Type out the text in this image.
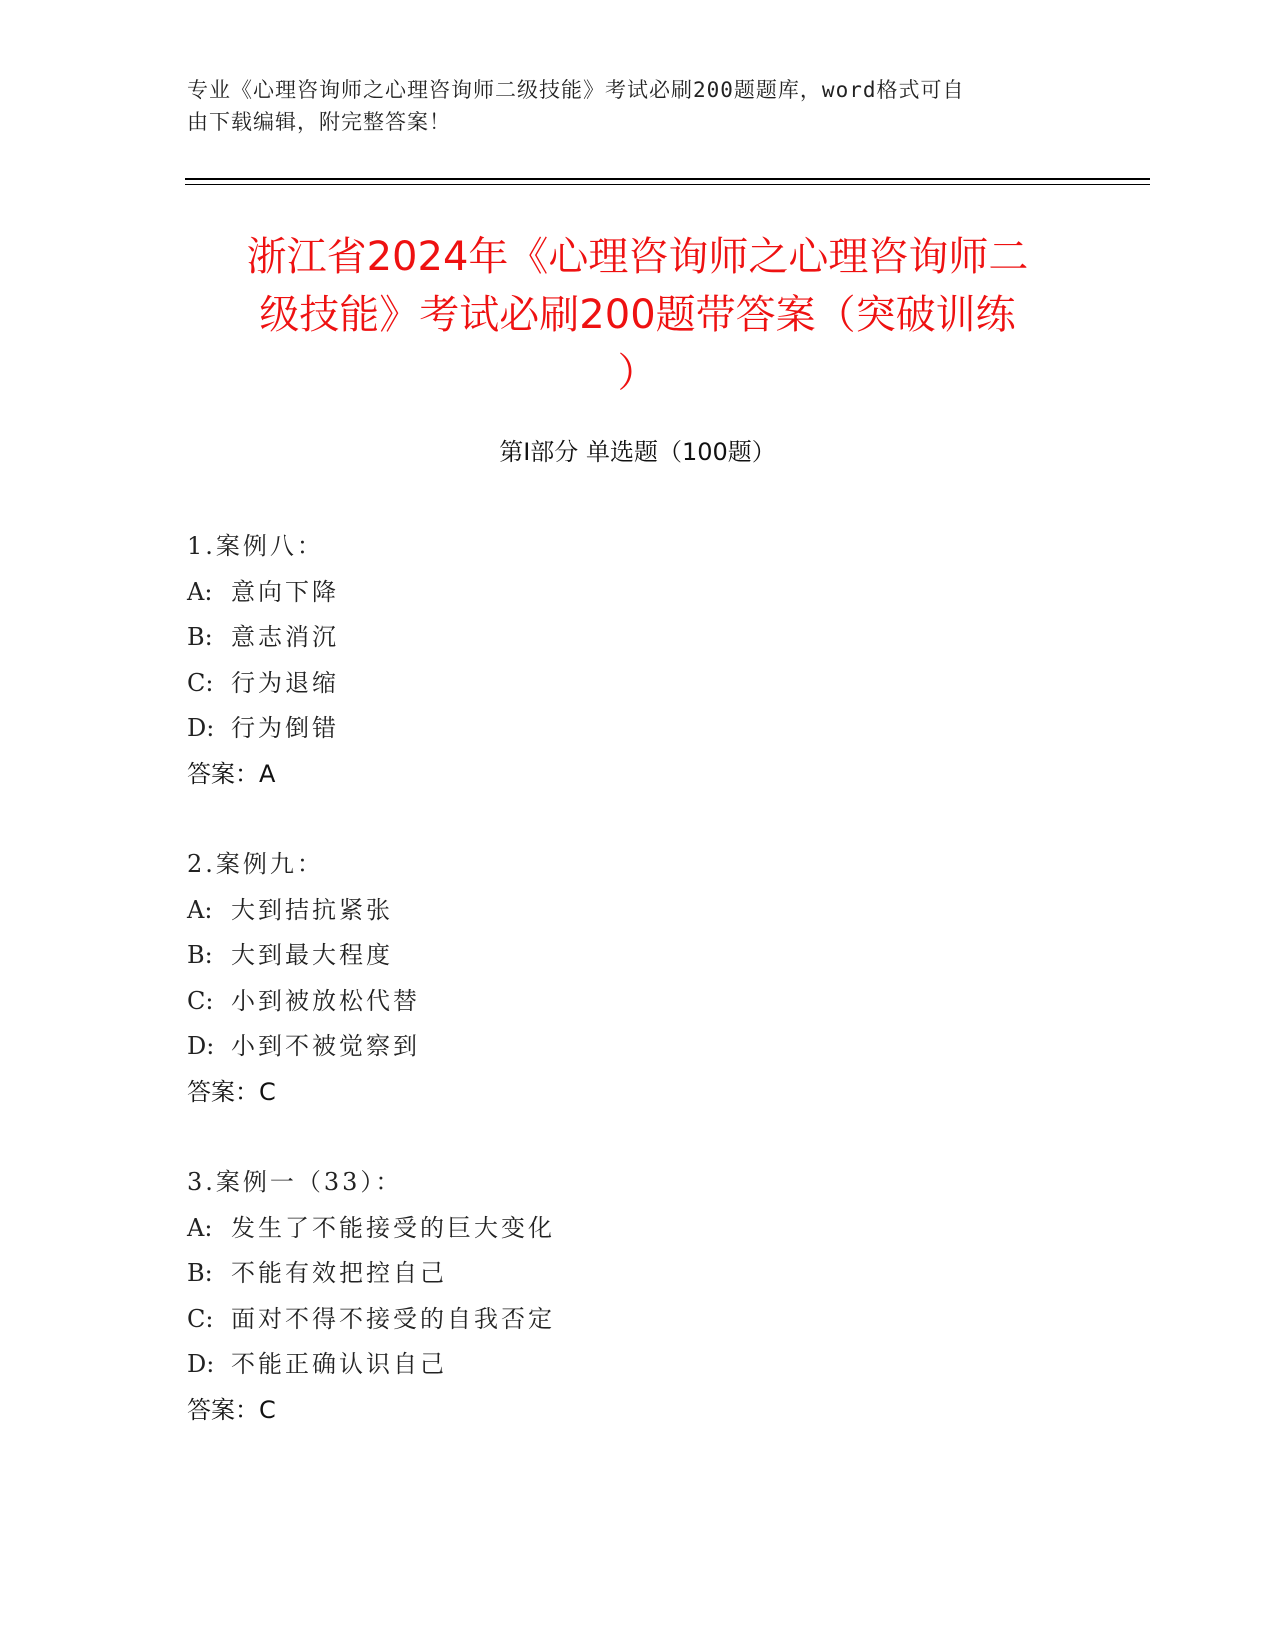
专业《心理咨询师之心理咨询师二级技能》考试必刷200题题库，word格式可自
由下载编辑，附完整答案！
浙江省2024年《心理咨询师之心理咨询师二
级技能》考试必刷200题带答案（突破训练
）
第Ⅰ部分 单选题（100题）
1.案例八：
A: 意向下降
B: 意志消沉
C: 行为退缩
D: 行为倒错
答案：A
2.案例九：
A: 大到拮抗紧张
B: 大到最大程度
C: 小到被放松代替
D: 小到不被觉察到
答案：C
3.案例一（33）：
A: 发生了不能接受的巨大变化
B: 不能有效把控自己
C: 面对不得不接受的自我否定
D: 不能正确认识自己
答案：C
